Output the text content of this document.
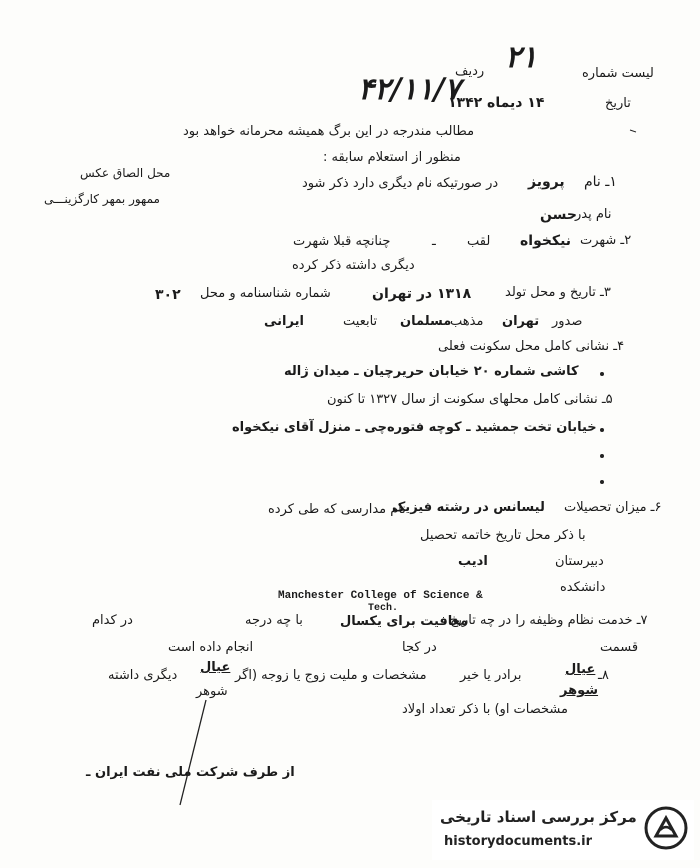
لیست شماره
۲۱
ردیف
۴۲/۱۱/۷	تاریخ
۱۴ دیماه ۱۳۴۲
مطالب مندرجه در این برگ همیشه محرمانه خواهد بود
منظور از استعلام سابقه :
محل الصاق عکس
ممهور بمهر کارگزینـــی
۱ـ نام
پرویز
در صورتیکه نام دیگری دارد ذکر شود
نام پدر
حسن
۲ـ شهرت
نیکخواه
لقب
ـ
چنانچه قبلا شهرت
دیگری داشته ذکر کرده
۳ـ تاریخ و محل تولد
۱۳۱۸ در تهران
شماره شناسنامه و محل
۳۰۲
صدور
تهران
مذهب
مسلمان
تابعیت
ایرانی
۴ـ نشانی کامل محل سکونت فعلی
کاشی شماره ۲۰ خیابان حریرچیان ـ میدان ژاله
۵ـ نشانی کامل محلهای سکونت از سال ۱۳۲۷ تا کنون
خیابان تخت جمشید ـ کوچه فتوره‌چی ـ منزل آقای نیکخواه
۶ـ میزان تحصیلات
لیسانس در رشته فیزیک
نام مدارسی که طی کرده
با ذکر محل تاریخ خاتمه تحصیل
دبیرستان
ادیب
دانشکده
Manchester College of Science &
Tech.
۷ـ خدمت نظام وظیفه را در چه تاریخ
معافیت برای یکسال
با چه درجه
در کدام
قسمت
در کجا
انجام داده است
۸ـ
عیال
برادر یا خیر
مشخصات و ملیت زوج یا زوجه (اگر
عیال
دیگری داشته
شوهر
شوهر
مشخصات او) با ذکر تعداد اولاد
از طرف شرکت ملی نفت ایران ـ
مرکز بررسی اسناد تاریخی
historydocuments.ir
